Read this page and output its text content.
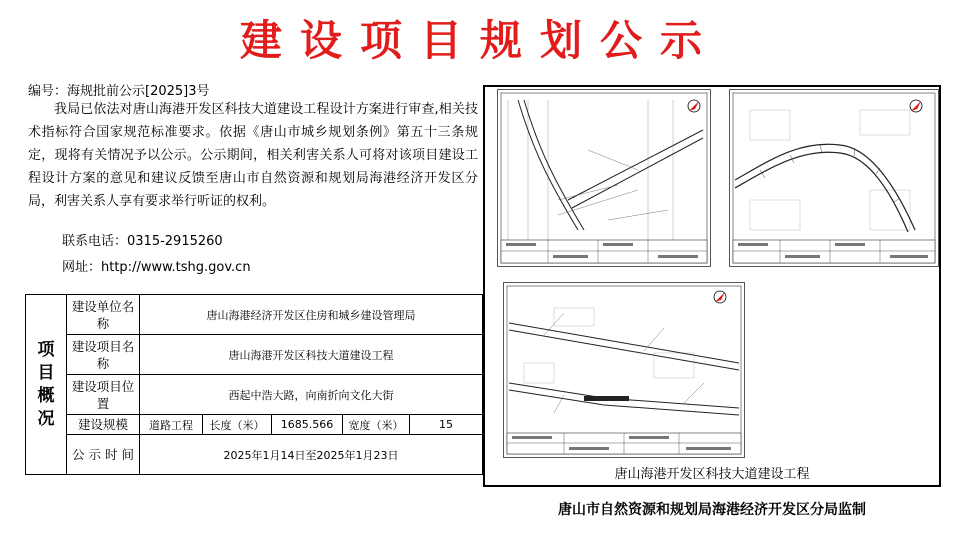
建设项目规划公示
编号：海规批前公示[2025]3号
我局已依法对唐山海港开发区科技大道建设工程设计方案进行审查,相关技术指标符合国家规范标准要求。依据《唐山市城乡规划条例》第五十三条规定，现将有关情况予以公示。公示期间，相关利害关系人可将对该项目建设工程设计方案的意见和建议反馈至唐山市自然资源和规划局海港经济开发区分局，利害关系人享有要求举行听证的权利。
联系电话：0315-2915260
网址：http://www.tshg.gov.cn
项
目
概
况	建设单位名称	唐山海港经济开发区住房和城乡建设管理局				
	建设项目名称	唐山海港开发区科技大道建设工程				
	建设项目位置	西起中浩大路，向南折向文化大街				
	建设规模	道路工程	长度（米）	1685.566	宽度（米）	15
	公 示 时 间	2025年1月14日至2025年1月23日				
唐山海港开发区科技大道建设工程
唐山市自然资源和规划局海港经济开发区分局监制
